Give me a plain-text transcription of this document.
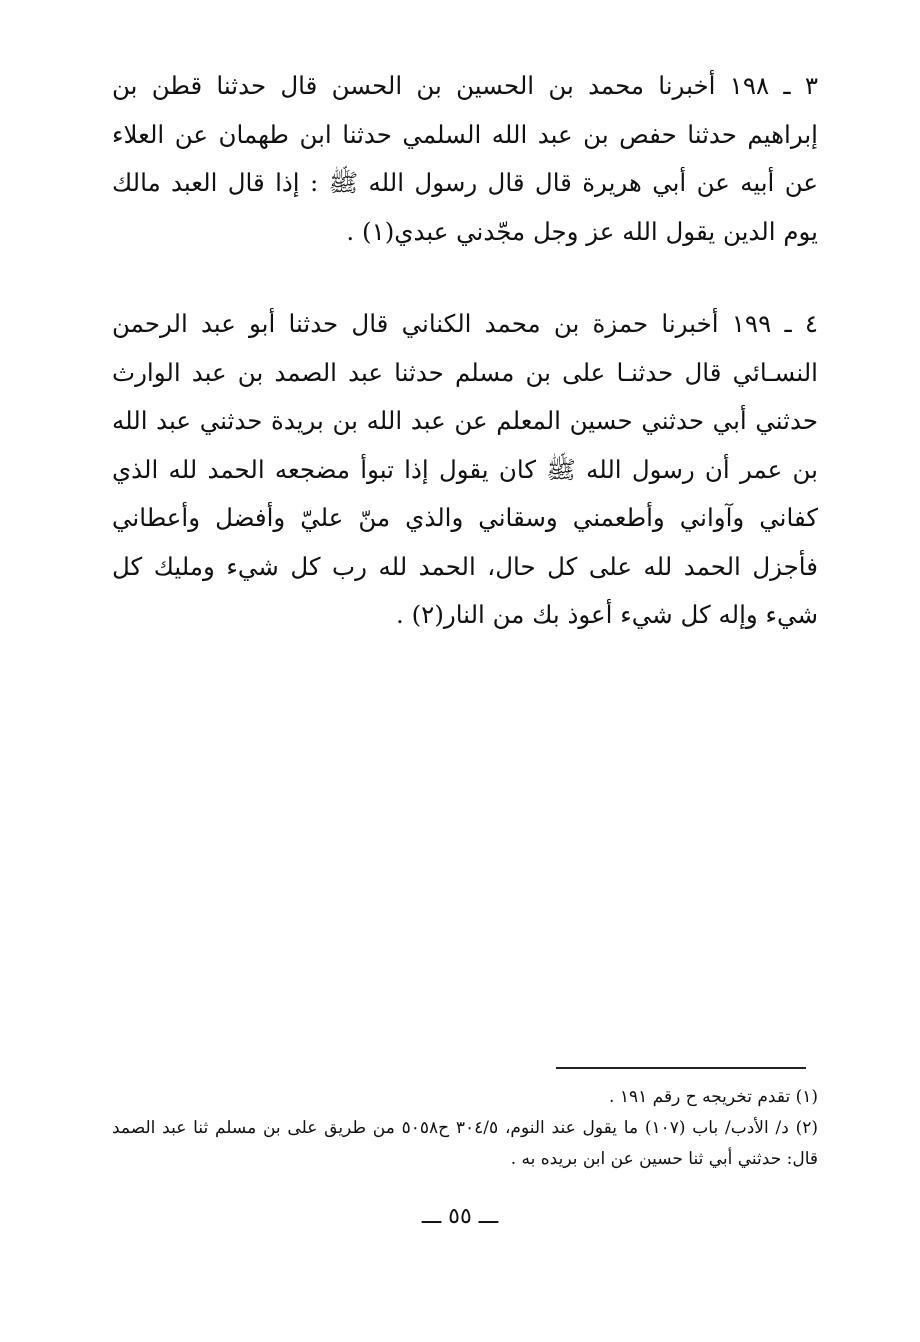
٣ ـ ١٩٨ أخبرنا محمد بن الحسين بن الحسن قال حدثنا قطن بن إبراهيم حدثنا حفص بن عبد الله السلمي حدثنا ابن طهمان عن العلاء عن أبيه عن أبي هريرة قال قال رسول الله ﷺ : إذا قال العبد مالك يوم الدين يقول الله عز وجل مجّدني عبدي(١) .

٤ ـ ١٩٩ أخبرنا حمزة بن محمد الكناني قال حدثنا أبو عبد الرحمن النسـائي قال حدثنـا على بن مسلم حدثنا عبد الصمد بن عبد الوارث حدثني أبي حدثني حسين المعلم عن عبد الله بن بريدة حدثني عبد الله بن عمر أن رسول الله ﷺ كان يقول إذا تبوأ مضجعه الحمد لله الذي كفاني وآواني وأطعمني وسقاني والذي منّ عليّ وأفضل وأعطاني فأجزل الحمد لله على كل حال، الحمد لله رب كل شيء ومليك كل شيء وإله كل شيء أعوذ بك من النار(٢) .

(١) تقدم تخريجه ح رقم ١٩١ .

(٢) د/ الأدب/ باب (١٠٧) ما يقول عند النوم، ٣٠٤/٥ ح٥٠٥٨ من طريق على بن مسلم ثنا عبد الصمد قال: حدثني أبي ثنا حسين عن ابن بريده به .

ـــ ٥٥ ـــ
